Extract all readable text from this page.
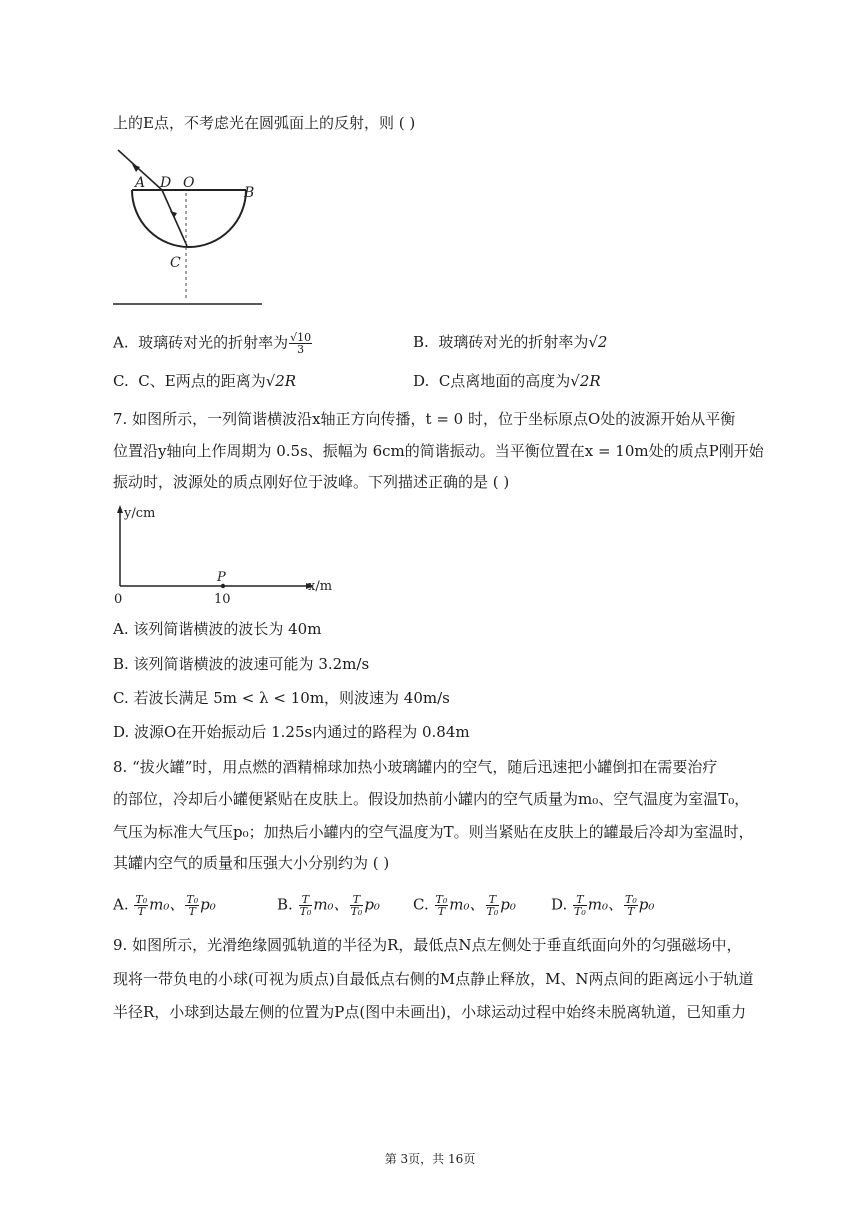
上的E点，不考虑光在圆弧面上的反射，则 ( )
A D O
B
C
A. 玻璃砖对光的折射率为 $\frac{√10}{3}$	B. 玻璃砖对光的折射率为√2
C. C、E两点的距离为√2R	D. C点离地面的高度为√2R
7. 如图所示，一列简谐横波沿x轴正方向传播，t = 0 时，位于坐标原点O处的波源开始从平衡
位置沿y轴向上作周期为 0.5s、振幅为 6cm的简谐振动。当平衡位置在x = 10m处的质点P刚开始
振动时，波源处的质点刚好位于波峰。下列描述正确的是 ( )
y/cm
x/m
0
P
10
A. 该列简谐横波的波长为 40m
B. 该列简谐横波的波速可能为 3.2m/s
C. 若波长满足 5m < λ < 10m，则波速为 40m/s
D. 波源O在开始振动后 1.25s内通过的路程为 0.84m
8. “拔火罐”时，用点燃的酒精棉球加热小玻璃罐内的空气，随后迅速把小罐倒扣在需要治疗
的部位，冷却后小罐便紧贴在皮肤上。假设加热前小罐内的空气质量为m₀、空气温度为室温T₀，
气压为标准大气压p₀；加热后小罐内的空气温度为T。则当紧贴在皮肤上的罐最后冷却为室温时，
其罐内空气的质量和压强大小分别约为 ( )
A. $\frac{\text{T₀}}{T} m_0$、 $\frac{\text{T₀}}{T} p_0$	B. $\frac{T}{\text{T₀}} m_0$、 $\frac{T}{\text{T₀}} p_0$ C. $\frac{\text{T₀}}{T} m_0$、 $\frac{T}{\text{T₀}} p_0$ D. $\frac{T}{\text{T₀}} m_0$、 $\frac{\text{T₀}}{T} p_0$
9. 如图所示，光滑绝缘圆弧轨道的半径为R，最低点N点左侧处于垂直纸面向外的匀强磁场中，
现将一带负电的小球(可视为质点)自最低点右侧的M点静止释放，M、N两点间的距离远小于轨道
半径R，小球到达最左侧的位置为P点(图中未画出)，小球运动过程中始终未脱离轨道，已知重力
第 3页，共 16页
